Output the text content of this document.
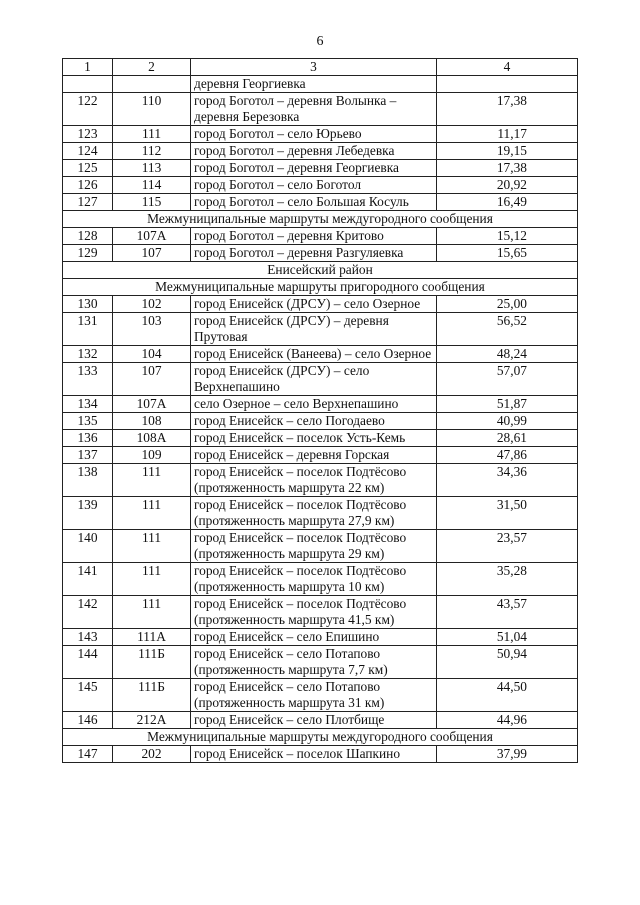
6
1	2	3	4
		деревня Георгиевка	
122	110	город Боготол – деревня Волынка – деревня Березовка	17,38
123	111	город Боготол – село Юрьево	11,17
124	112	город Боготол – деревня Лебедевка	19,15
125	113	город Боготол – деревня Георгиевка	17,38
126	114	город Боготол – село Боготол	20,92
127	115	город Боготол – село Большая Косуль	16,49
Межмуниципальные маршруты междугородного сообщения			
128	107А	город Боготол – деревня Критово	15,12
129	107	город Боготол – деревня Разгуляевка	15,65
Енисейский район			
Межмуниципальные маршруты пригородного сообщения			
130	102	город Енисейск (ДРСУ) – село Озерное	25,00
131	103	город Енисейск (ДРСУ) – деревня Прутовая	56,52
132	104	город Енисейск (Ванеева) – село Озерное	48,24
133	107	город Енисейск (ДРСУ) – село Верхнепашино	57,07
134	107А	село Озерное – село Верхнепашино	51,87
135	108	город Енисейск – село Погодаево	40,99
136	108А	город Енисейск – поселок Усть-Кемь	28,61
137	109	город Енисейск – деревня Горская	47,86
138	111	город Енисейск – поселок Подтёсово (протяженность маршрута 22 км)	34,36
139	111	город Енисейск – поселок Подтёсово (протяженность маршрута 27,9 км)	31,50
140	111	город Енисейск – поселок Подтёсово (протяженность маршрута 29 км)	23,57
141	111	город Енисейск – поселок Подтёсово (протяженность маршрута 10 км)	35,28
142	111	город Енисейск – поселок Подтёсово (протяженность маршрута 41,5 км)	43,57
143	111А	город Енисейск – село Епишино	51,04
144	111Б	город Енисейск – село Потапово (протяженность маршрута 7,7 км)	50,94
145	111Б	город Енисейск – село Потапово (протяженность маршрута 31 км)	44,50
146	212А	город Енисейск – село Плотбище	44,96
Межмуниципальные маршруты междугородного сообщения			
147	202	город Енисейск – поселок Шапкино	37,99
